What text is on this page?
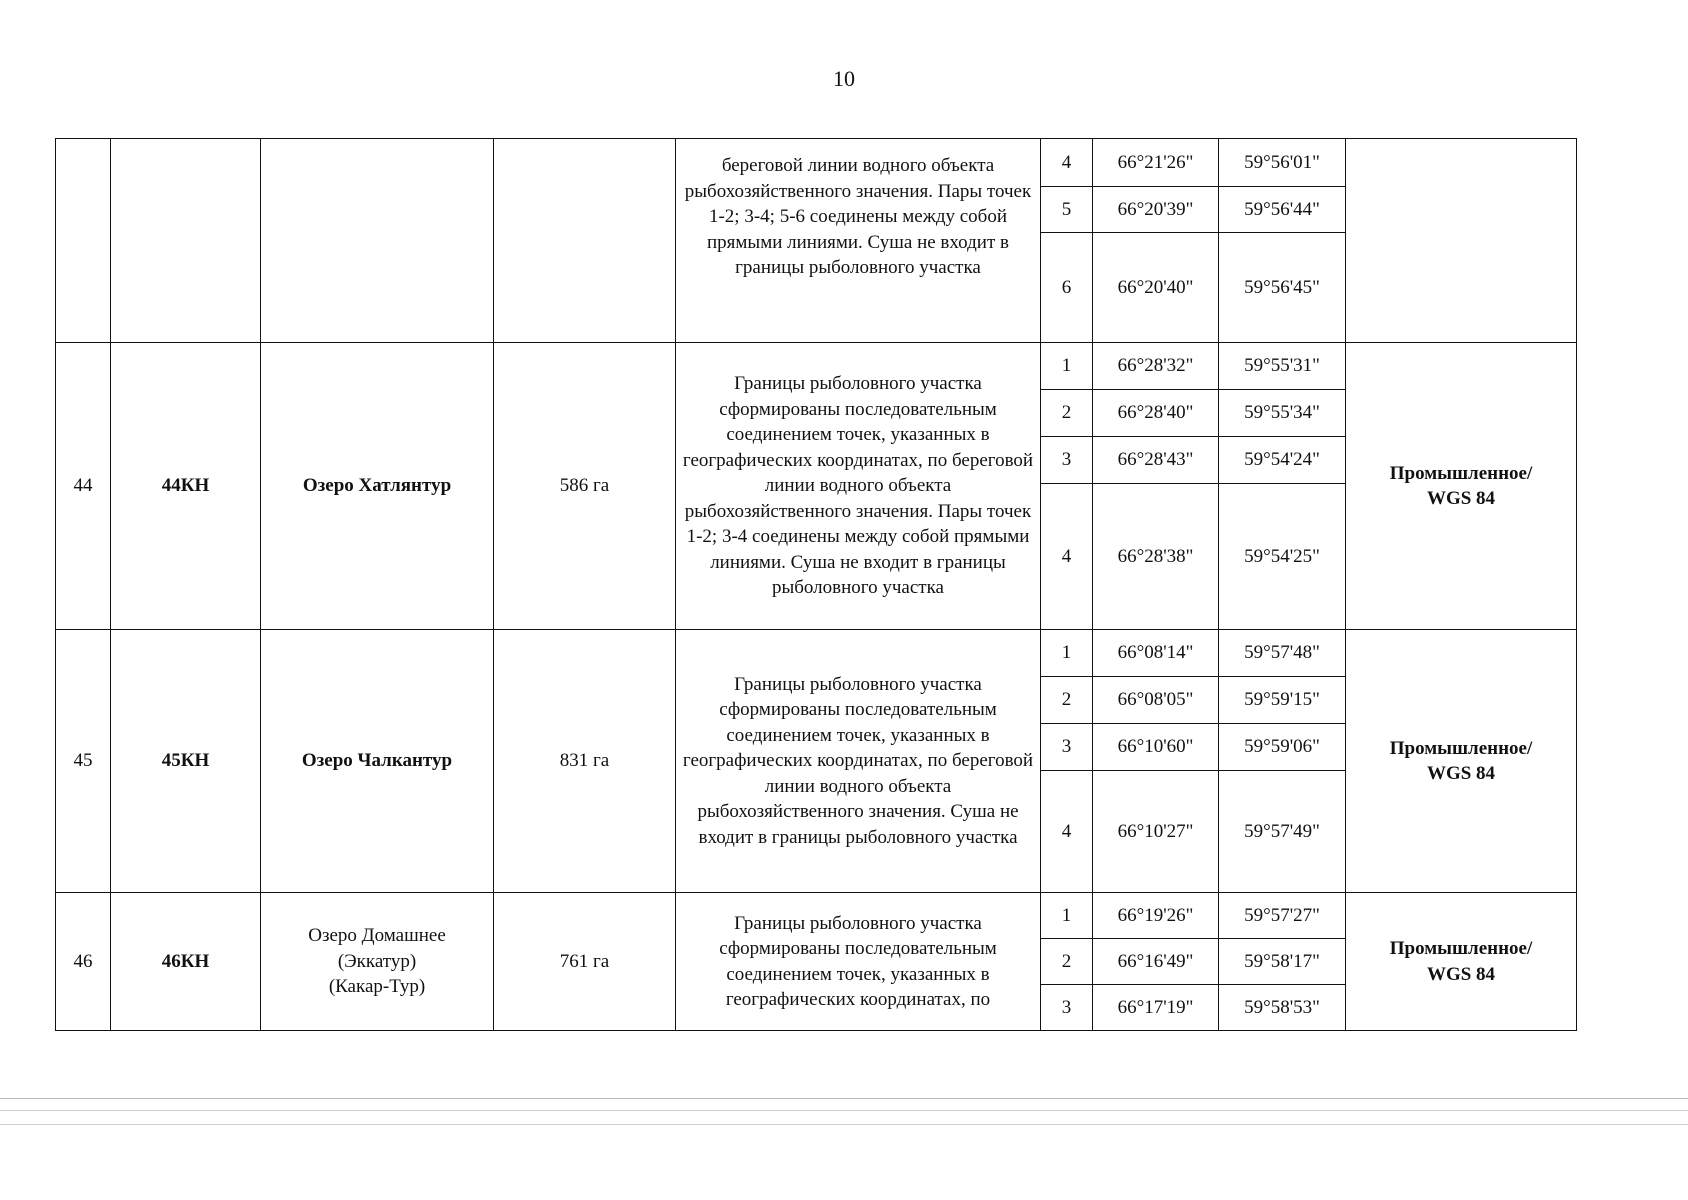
10
				береговой линии водного объекта рыбохозяйственного значения. Пары точек 1-2; 3-4; 5-6 соединены между собой прямыми линиями. Суша не входит в границы рыболовного участка	4	66°21'26"	59°56'01"	
					5	66°20'39"	59°56'44"	
					6	66°20'40"	59°56'45"	
44	44КН	Озеро Хатлянтур	586 га	Границы рыболовного участка сформированы последовательным соединением точек, указанных в географических координатах, по береговой линии водного объекта рыбохозяйственного значения. Пары точек 1-2; 3-4 соединены между собой прямыми линиями. Суша не входит в границы рыболовного участка	1	66°28'32"	59°55'31"	Промышленное/
WGS 84

					2	66°28'40"	59°55'34"	
					3	66°28'43"	59°54'24"	
					4	66°28'38"	59°54'25"	
45	45КН	Озеро Чалкантур	831 га	Границы рыболовного участка сформированы последовательным соединением точек, указанных в географических координатах, по береговой линии водного объекта рыбохозяйственного значения. Суша не входит в границы рыболовного участка	1	66°08'14"	59°57'48"	Промышленное/
WGS 84

					2	66°08'05"	59°59'15"	
					3	66°10'60"	59°59'06"	
					4	66°10'27"	59°57'49"	
46	46КН	Озеро Домашнее
(Эккатур)
(Какар-Тур)	761 га	Границы рыболовного участка сформированы последовательным соединением точек, указанных в географических координатах, по	1	66°19'26"	59°57'27"	Промышленное/
WGS 84

					2	66°16'49"	59°58'17"	
					3	66°17'19"	59°58'53"	
